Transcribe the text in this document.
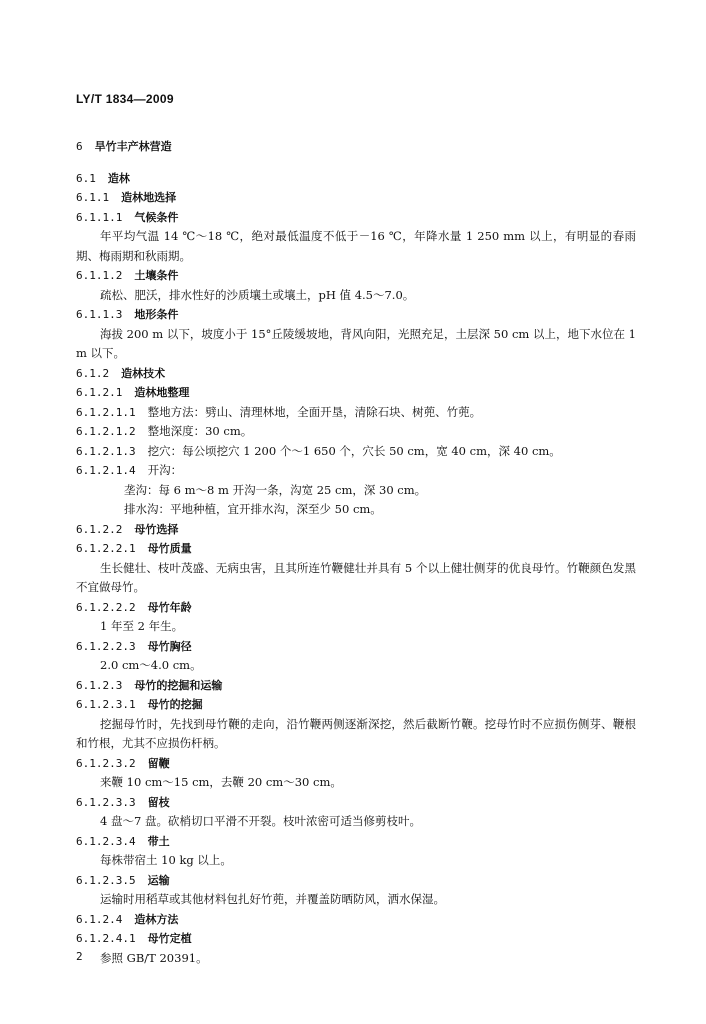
LY/T 1834—2009
6 旱竹丰产林营造
6.1 造林
6.1.1 造林地选择
6.1.1.1 气候条件
年平均气温 14 ℃～18 ℃，绝对最低温度不低于－16 ℃，年降水量 1 250 mm 以上，有明显的春雨期、梅雨期和秋雨期。
6.1.1.2 土壤条件
疏松、肥沃，排水性好的沙质壤土或壤土，pH 值 4.5～7.0。
6.1.1.3 地形条件
海拔 200 m 以下，坡度小于 15°丘陵缓坡地，背风向阳，光照充足，土层深 50 cm 以上，地下水位在 1 m 以下。
6.1.2 造林技术
6.1.2.1 造林地整理
6.1.2.1.1 整地方法：劈山、清理林地，全面开垦，清除石块、树蔸、竹蔸。
6.1.2.1.2 整地深度：30 cm。
6.1.2.1.3 挖穴：每公顷挖穴 1 200 个～1 650 个，穴长 50 cm，宽 40 cm，深 40 cm。
6.1.2.1.4 开沟：
垄沟：每 6 m～8 m 开沟一条，沟宽 25 cm，深 30 cm。
排水沟：平地种植，宜开排水沟，深至少 50 cm。
6.1.2.2 母竹选择
6.1.2.2.1 母竹质量
生长健壮、枝叶茂盛、无病虫害，且其所连竹鞭健壮并具有 5 个以上健壮侧芽的优良母竹。竹鞭颜色发黑不宜做母竹。
6.1.2.2.2 母竹年龄
1 年至 2 年生。
6.1.2.2.3 母竹胸径
2.0 cm～4.0 cm。
6.1.2.3 母竹的挖掘和运输
6.1.2.3.1 母竹的挖掘
挖掘母竹时，先找到母竹鞭的走向，沿竹鞭两侧逐渐深挖，然后截断竹鞭。挖母竹时不应损伤侧芽、鞭根和竹根，尤其不应损伤杆柄。
6.1.2.3.2 留鞭
来鞭 10 cm～15 cm，去鞭 20 cm～30 cm。
6.1.2.3.3 留枝
4 盘～7 盘。砍梢切口平滑不开裂。枝叶浓密可适当修剪枝叶。
6.1.2.3.4 带土
每株带宿土 10 kg 以上。
6.1.2.3.5 运输
运输时用稻草或其他材料包扎好竹蔸，并覆盖防晒防风，洒水保湿。
6.1.2.4 造林方法
6.1.2.4.1 母竹定植
参照 GB/T 20391。
2
